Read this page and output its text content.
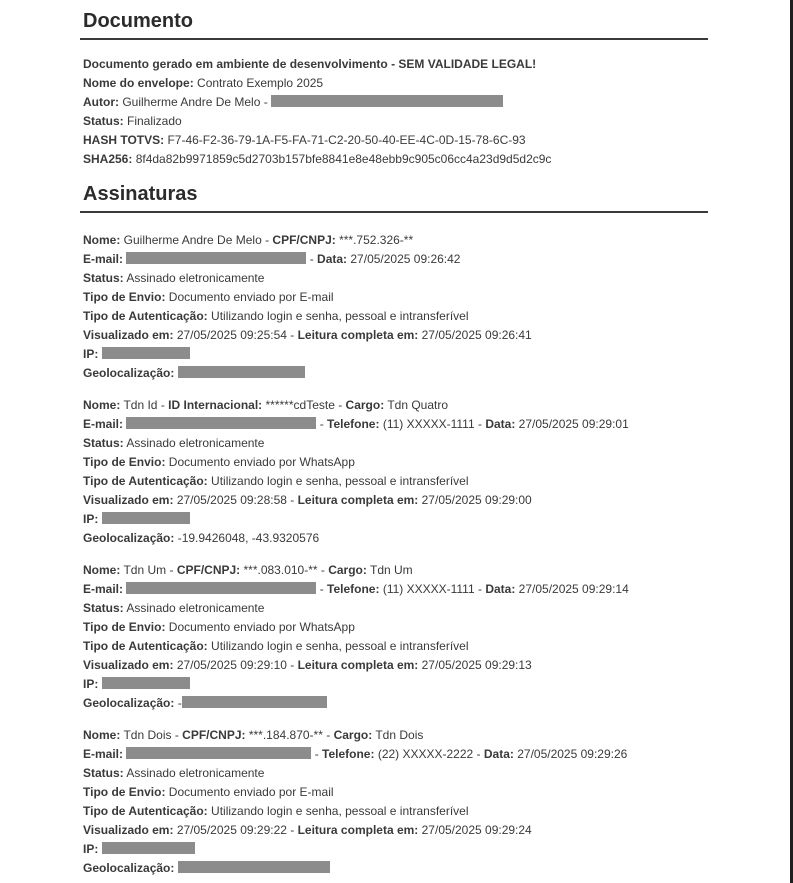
Documento
Documento gerado em ambiente de desenvolvimento - SEM VALIDADE LEGAL!
Nome do envelope: Contrato Exemplo 2025
Autor: Guilherme Andre De Melo -
Status: Finalizado
HASH TOTVS: F7-46-F2-36-79-1A-F5-FA-71-C2-20-50-40-EE-4C-0D-15-78-6C-93
SHA256: 8f4da82b9971859c5d2703b157bfe8841e8e48ebb9c905c06cc4a23d9d5d2c9c
Assinaturas
Nome: Guilherme Andre De Melo - CPF/CNPJ: ***.752.326-**
E-mail:	- Data: 27/05/2025 09:26:42
Status: Assinado eletronicamente
Tipo de Envio: Documento enviado por E-mail
Tipo de Autenticação: Utilizando login e senha, pessoal e intransferível
Visualizado em: 27/05/2025 09:25:54 - Leitura completa em: 27/05/2025 09:26:41
IP:
Geolocalização:
Nome: Tdn Id - ID Internacional: ******cdTeste - Cargo: Tdn Quatro
E-mail:	- Telefone: (11) XXXXX-1111 - Data: 27/05/2025 09:29:01
Status: Assinado eletronicamente
Tipo de Envio: Documento enviado por WhatsApp
Tipo de Autenticação: Utilizando login e senha, pessoal e intransferível
Visualizado em: 27/05/2025 09:28:58 - Leitura completa em: 27/05/2025 09:29:00
IP:
Geolocalização: -19.9426048, -43.9320576
Nome: Tdn Um - CPF/CNPJ: ***.083.010-** - Cargo: Tdn Um
E-mail:	- Telefone: (11) XXXXX-1111 - Data: 27/05/2025 09:29:14
Status: Assinado eletronicamente
Tipo de Envio: Documento enviado por WhatsApp
Tipo de Autenticação: Utilizando login e senha, pessoal e intransferível
Visualizado em: 27/05/2025 09:29:10 - Leitura completa em: 27/05/2025 09:29:13
IP:
Geolocalização: -
Nome: Tdn Dois - CPF/CNPJ: ***.184.870-** - Cargo: Tdn Dois
E-mail:	- Telefone: (22) XXXXX-2222 - Data: 27/05/2025 09:29:26
Status: Assinado eletronicamente
Tipo de Envio: Documento enviado por E-mail
Tipo de Autenticação: Utilizando login e senha, pessoal e intransferível
Visualizado em: 27/05/2025 09:29:22 - Leitura completa em: 27/05/2025 09:29:24
IP:
Geolocalização:
